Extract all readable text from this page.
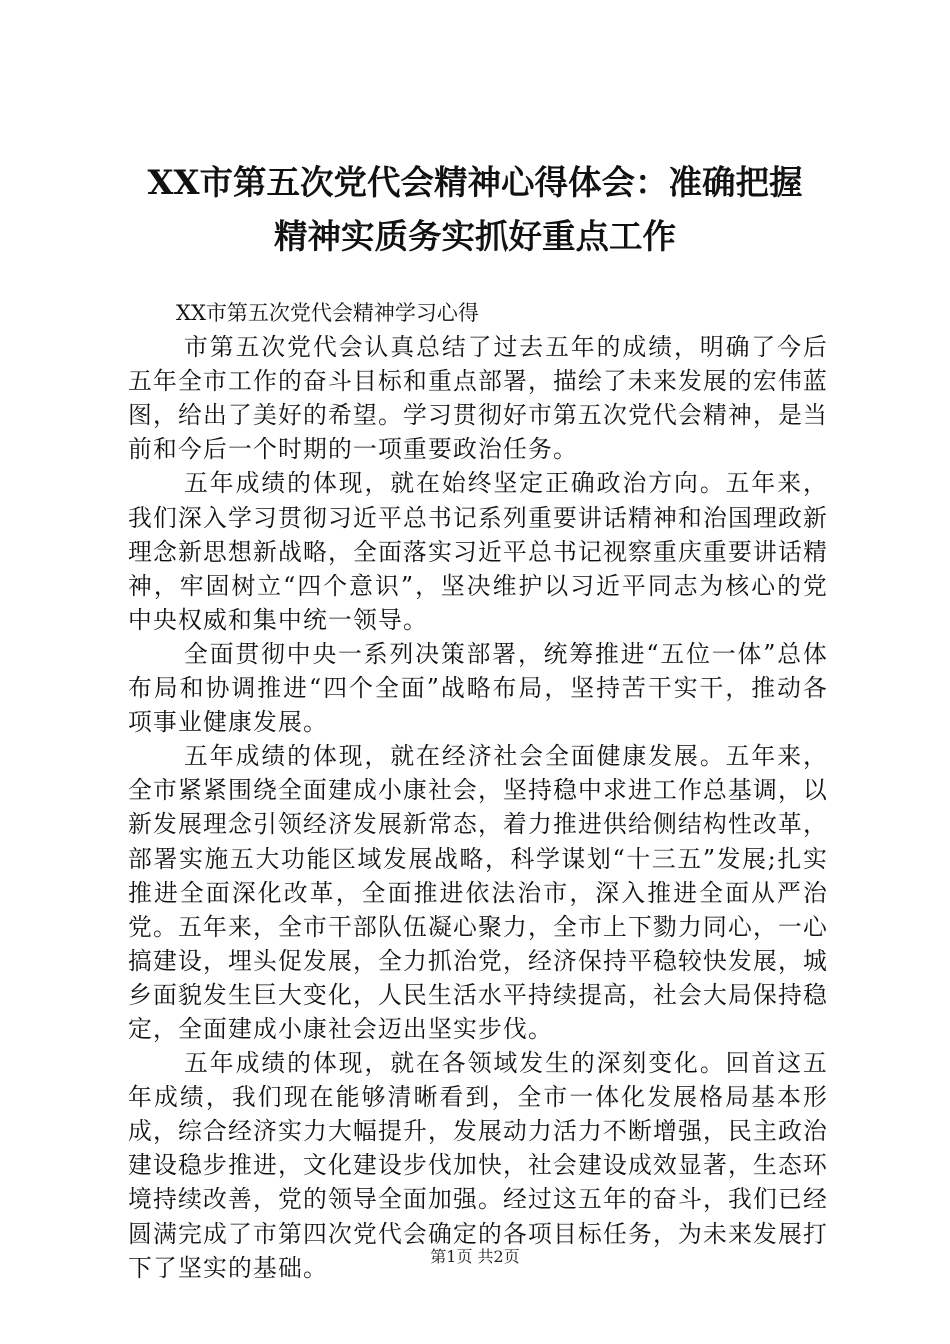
XX市第五次党代会精神心得体会：准确把握
精神实质务实抓好重点工作

XX市第五次党代会精神学习心得

市第五次党代会认真总结了过去五年的成绩，明确了今后五年全市工作的奋斗目标和重点部署，描绘了未来发展的宏伟蓝图，给出了美好的希望。学习贯彻好市第五次党代会精神，是当前和今后一个时期的一项重要政治任务。

五年成绩的体现，就在始终坚定正确政治方向。五年来，我们深入学习贯彻习近平总书记系列重要讲话精神和治国理政新理念新思想新战略，全面落实习近平总书记视察重庆重要讲话精神，牢固树立“四个意识”，坚决维护以习近平同志为核心的党中央权威和集中统一领导。

全面贯彻中央一系列决策部署，统筹推进“五位一体”总体布局和协调推进“四个全面”战略布局，坚持苦干实干，推动各项事业健康发展。

五年成绩的体现，就在经济社会全面健康发展。五年来，全市紧紧围绕全面建成小康社会，坚持稳中求进工作总基调，以新发展理念引领经济发展新常态，着力推进供给侧结构性改革，部署实施五大功能区域发展战略，科学谋划“十三五”发展;扎实推进全面深化改革，全面推进依法治市，深入推进全面从严治党。五年来，全市干部队伍凝心聚力，全市上下勠力同心，一心搞建设，埋头促发展，全力抓治党，经济保持平稳较快发展，城乡面貌发生巨大变化，人民生活水平持续提高，社会大局保持稳定，全面建成小康社会迈出坚实步伐。

五年成绩的体现，就在各领域发生的深刻变化。回首这五年成绩，我们现在能够清晰看到，全市一体化发展格局基本形成，综合经济实力大幅提升，发展动力活力不断增强，民主政治建设稳步推进，文化建设步伐加快，社会建设成效显著，生态环境持续改善，党的领导全面加强。经过这五年的奋斗，我们已经圆满完成了市第四次党代会确定的各项目标任务，为未来发展打下了坚实的基础。	第1页 共2页
